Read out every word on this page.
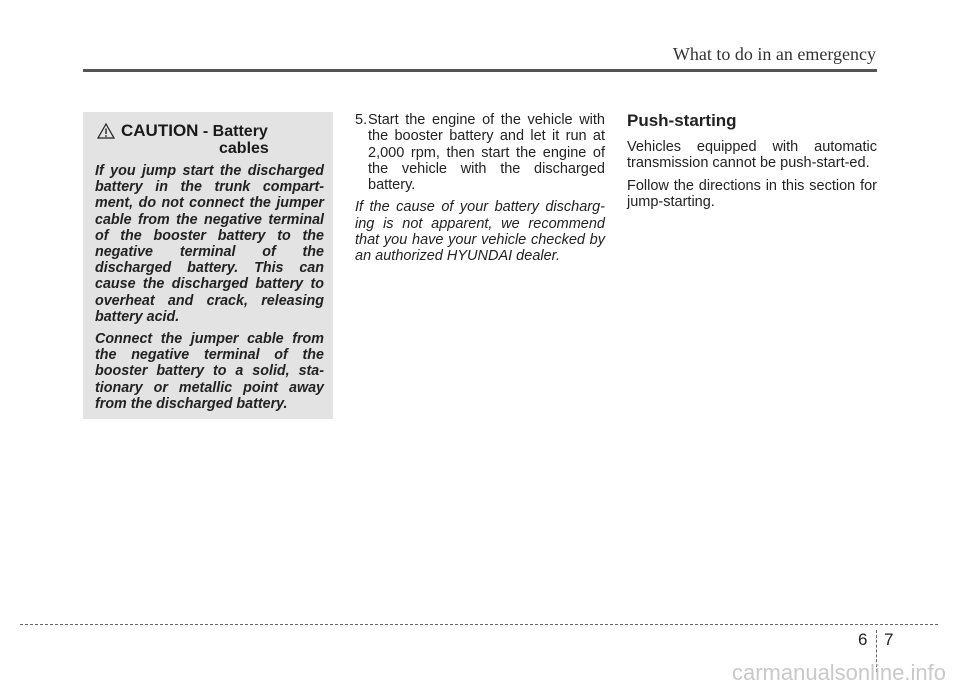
What to do in an emergency
CAUTION - Battery
cables

If you jump start the discharged battery in the trunk compart-ment, do not connect the jumper cable from the negative terminal of the booster battery to the negative terminal of the discharged battery. This can cause the discharged battery to overheat and crack, releasing battery acid.

Connect the jumper cable from the negative terminal of the booster battery to a solid, sta-tionary or metallic point away from the discharged battery.

5. Start the engine of the vehicle with the booster battery and let it run at 2,000 rpm, then start the engine of the vehicle with the discharged battery.
If the cause of your battery discharg-ing is not apparent, we recommend that you have your vehicle checked by an authorized HYUNDAI dealer.
Push-starting

Vehicles equipped with automatic transmission cannot be push-start-ed.

Follow the directions in this section for jump-starting.

6 7
carmanualsonline.info
